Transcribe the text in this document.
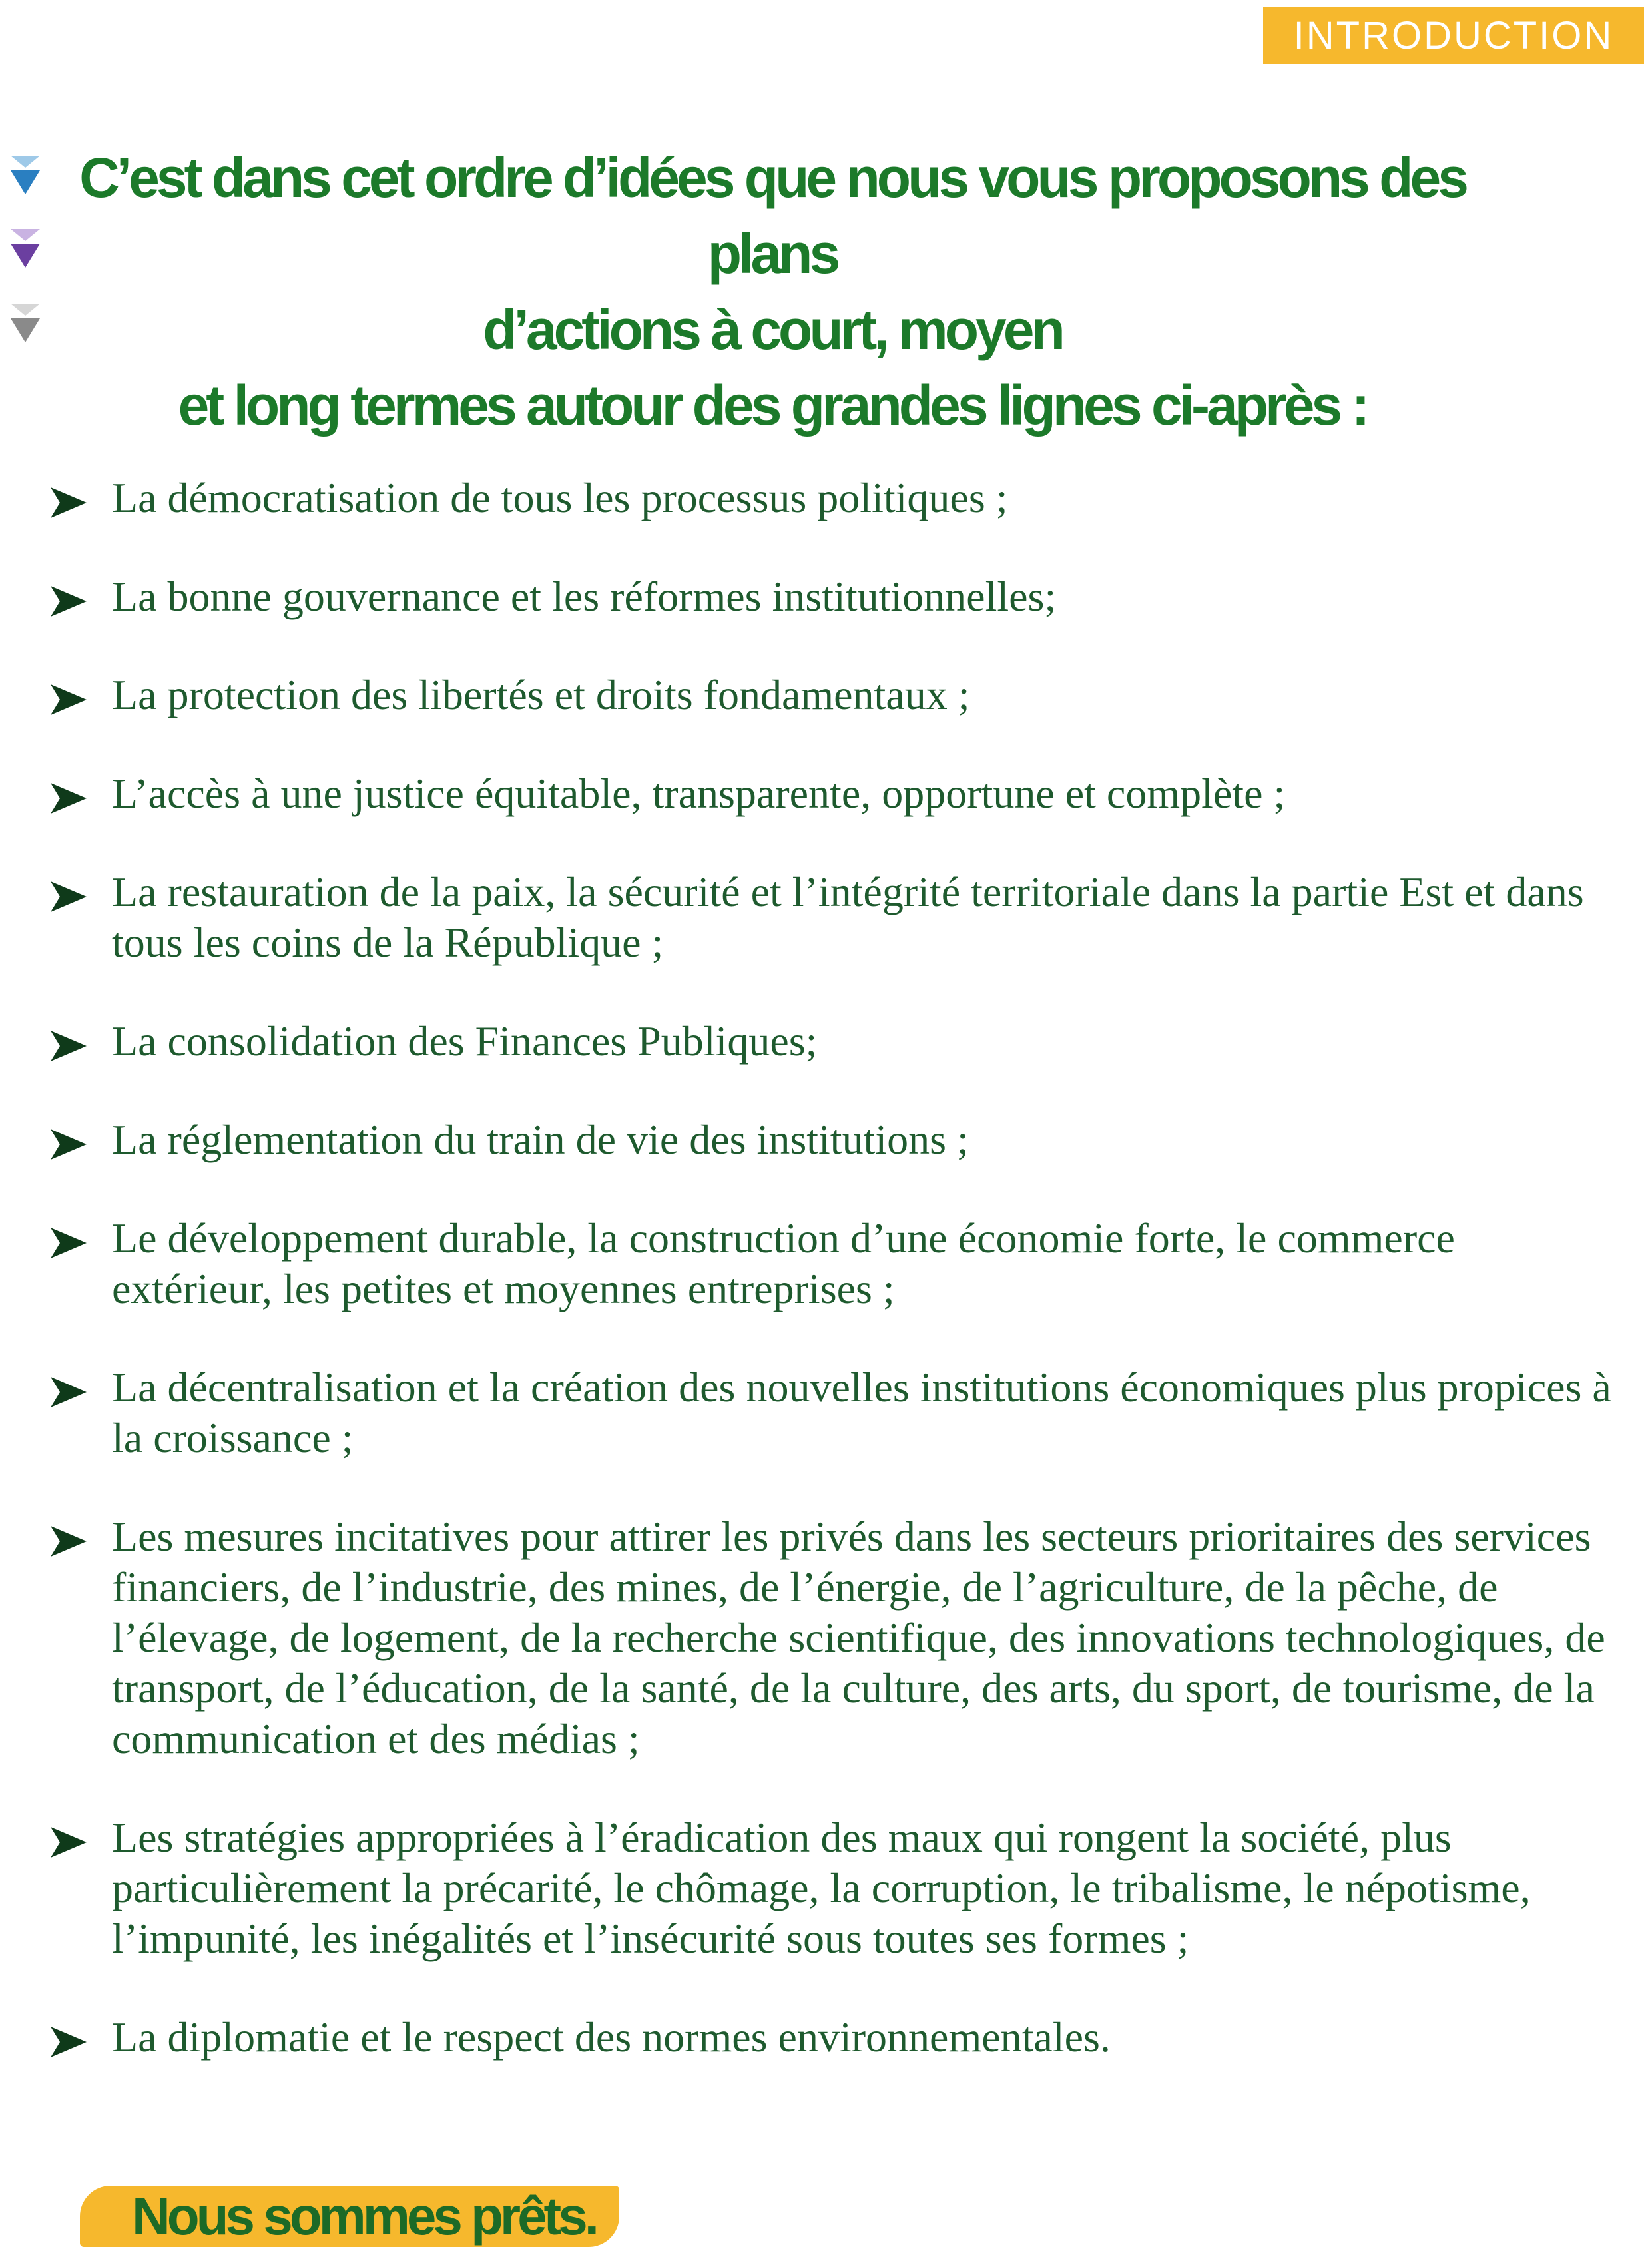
INTRODUCTION
C’est dans cet ordre d’idées que nous vous proposons des plans
d’actions à court, moyen
et long termes autour des grandes lignes ci-après :
La démocratisation de tous les processus politiques ;
La bonne gouvernance et les réformes institutionnelles;
La protection des libertés et droits fondamentaux ;
L’accès à une justice équitable, transparente, opportune et complète ;
La restauration de la paix, la sécurité et l’intégrité territoriale dans la partie Est et dans tous les coins de la République ;
La consolidation des Finances Publiques;
La réglementation du train de vie des institutions ;
Le développement durable, la construction d’une économie forte, le commerce extérieur, les petites et moyennes entreprises ;
La décentralisation et la création des nouvelles institutions économiques plus propices à la croissance ;
Les mesures incitatives pour attirer les privés dans les secteurs prioritaires des services financiers, de l’industrie, des mines, de l’énergie, de l’agriculture, de la pêche, de l’élevage, de logement, de la recherche scientifique, des innovations technologiques, de transport, de l’éducation, de la santé, de la culture, des arts, du sport, de tourisme, de la communication et des médias ;
Les stratégies appropriées à l’éradication des maux qui rongent la société, plus particulièrement la précarité, le chômage, la corruption, le tribalisme, le népotisme, l’impunité, les inégalités et l’insécurité sous toutes ses formes ;
La diplomatie et le respect des normes environnementales.
Nous sommes prêts.
